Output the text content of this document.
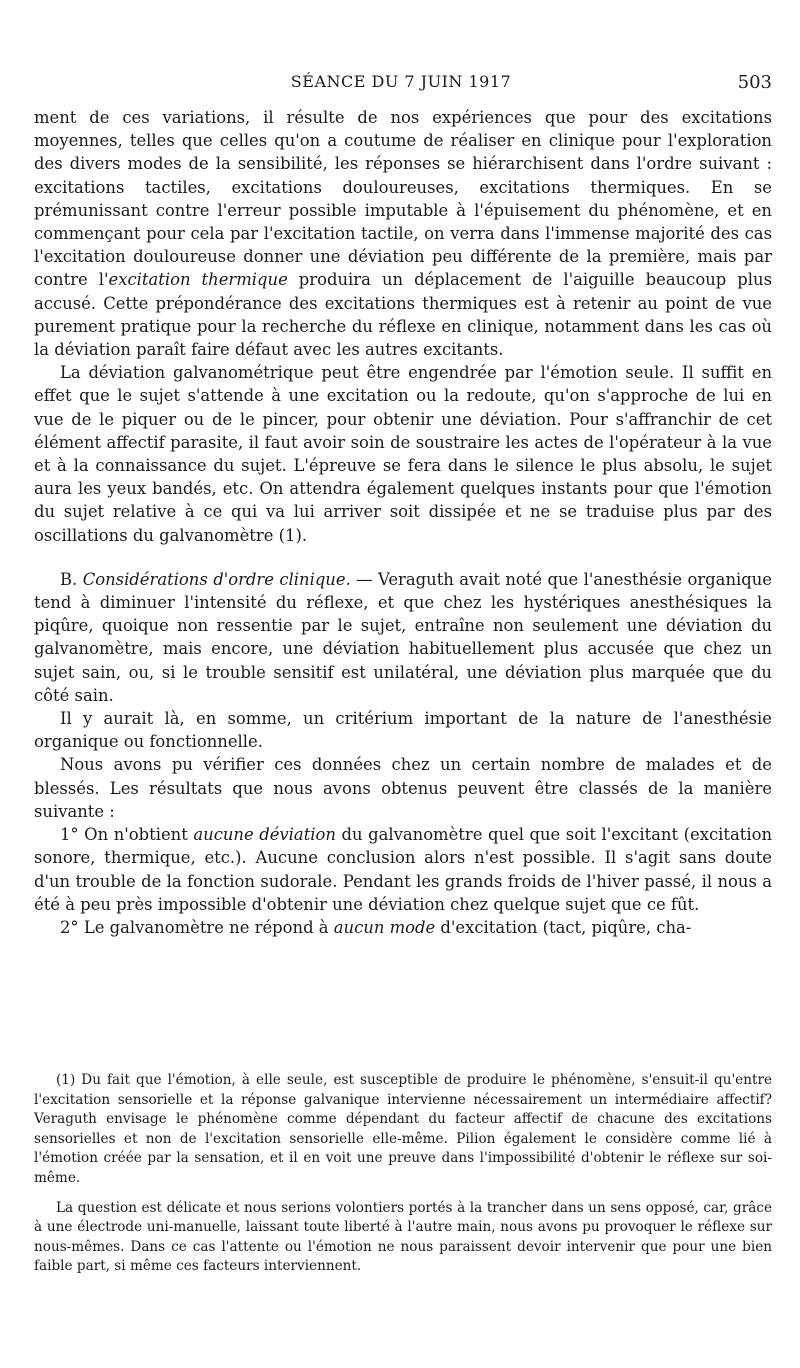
SÉANCE DU 7 JUIN 1917	503

ment de ces variations, il résulte de nos expériences que pour des excitations moyennes, telles que celles qu'on a coutume de réaliser en clinique pour l'exploration des divers modes de la sensibilité, les réponses se hiérarchisent dans l'ordre suivant : excitations tactiles, excitations douloureuses, excitations thermiques. En se prémunissant contre l'erreur possible imputable à l'épuisement du phénomène, et en commençant pour cela par l'excitation tactile, on verra dans l'immense majorité des cas l'excitation douloureuse donner une déviation peu différente de la première, mais par contre l'excitation thermique produira un déplacement de l'aiguille beaucoup plus accusé. Cette prépondérance des excitations thermiques est à retenir au point de vue purement pratique pour la recherche du réflexe en clinique, notamment dans les cas où la déviation paraît faire défaut avec les autres excitants.

La déviation galvanométrique peut être engendrée par l'émotion seule. Il suffit en effet que le sujet s'attende à une excitation ou la redoute, qu'on s'approche de lui en vue de le piquer ou de le pincer, pour obtenir une déviation. Pour s'affranchir de cet élément affectif parasite, il faut avoir soin de soustraire les actes de l'opérateur à la vue et à la connaissance du sujet. L'épreuve se fera dans le silence le plus absolu, le sujet aura les yeux bandés, etc. On attendra également quelques instants pour que l'émotion du sujet relative à ce qui va lui arriver soit dissipée et ne se traduise plus par des oscillations du galvanomètre (1).

B. Considérations d'ordre clinique. — Veraguth avait noté que l'anesthésie organique tend à diminuer l'intensité du réflexe, et que chez les hystériques anesthésiques la piqûre, quoique non ressentie par le sujet, entraîne non seulement une déviation du galvanomètre, mais encore, une déviation habituellement plus accusée que chez un sujet sain, ou, si le trouble sensitif est unilatéral, une déviation plus marquée que du côté sain.

Il y aurait là, en somme, un critérium important de la nature de l'anesthésie organique ou fonctionnelle.

Nous avons pu vérifier ces données chez un certain nombre de malades et de blessés. Les résultats que nous avons obtenus peuvent être classés de la manière suivante :

1° On n'obtient aucune déviation du galvanomètre quel que soit l'excitant (excitation sonore, thermique, etc.). Aucune conclusion alors n'est possible. Il s'agit sans doute d'un trouble de la fonction sudorale. Pendant les grands froids de l'hiver passé, il nous a été à peu près impossible d'obtenir une déviation chez quelque sujet que ce fût.

2° Le galvanomètre ne répond à aucun mode d'excitation (tact, piqûre, cha-

(1) Du fait que l'émotion, à elle seule, est susceptible de produire le phénomène, s'ensuit-il qu'entre l'excitation sensorielle et la réponse galvanique intervienne nécessairement un intermédiaire affectif? Veraguth envisage le phénomène comme dépendant du facteur affectif de chacune des excitations sensorielles et non de l'excitation sensorielle elle-même. Pilion également le considère comme lié à l'émotion créée par la sensation, et il en voit une preuve dans l'impossibilité d'obtenir le réflexe sur soi-même.

La question est délicate et nous serions volontiers portés à la trancher dans un sens opposé, car, grâce à une électrode uni-manuelle, laissant toute liberté à l'autre main, nous avons pu provoquer le réflexe sur nous-mêmes. Dans ce cas l'attente ou l'émotion ne nous paraissent devoir intervenir que pour une bien faible part, si même ces facteurs interviennent.
